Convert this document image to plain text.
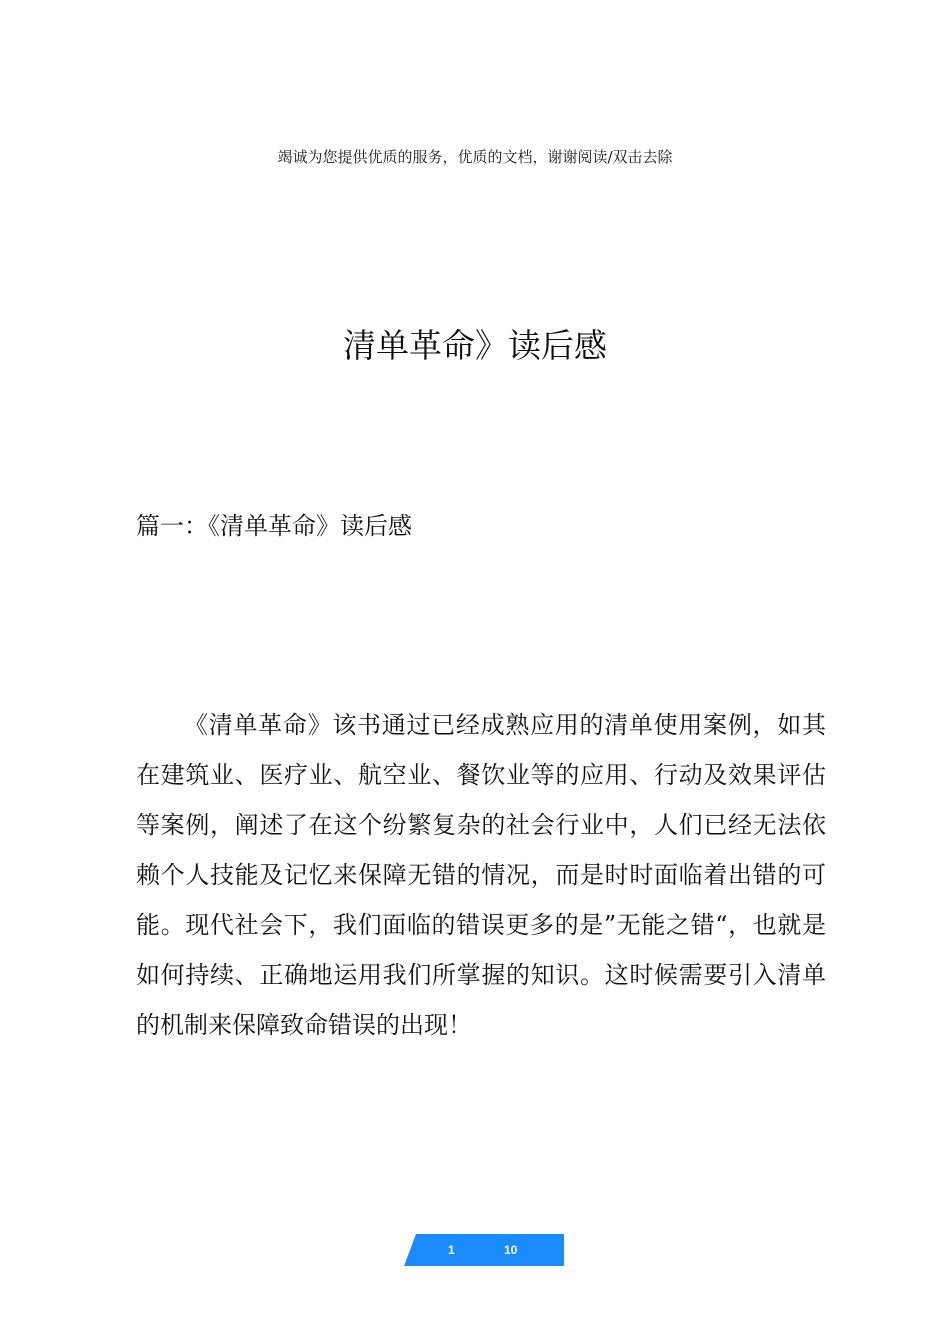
竭诚为您提供优质的服务，优质的文档，谢谢阅读/双击去除
清单革命》读后感
篇一：《清单革命》读后感

《清单革命》该书通过已经成熟应用的清单使用案例，如其在建筑业、医疗业、航空业、餐饮业等的应用、行动及效果评估等案例，阐述了在这个纷繁复杂的社会行业中，人们已经无法依赖个人技能及记忆来保障无错的情况，而是时时面临着出错的可能。现代社会下，我们面临的错误更多的是”无能之错“，也就是如何持续、正确地运用我们所掌握的知识。这时候需要引入清单的机制来保障致命错误的出现！

1	10
